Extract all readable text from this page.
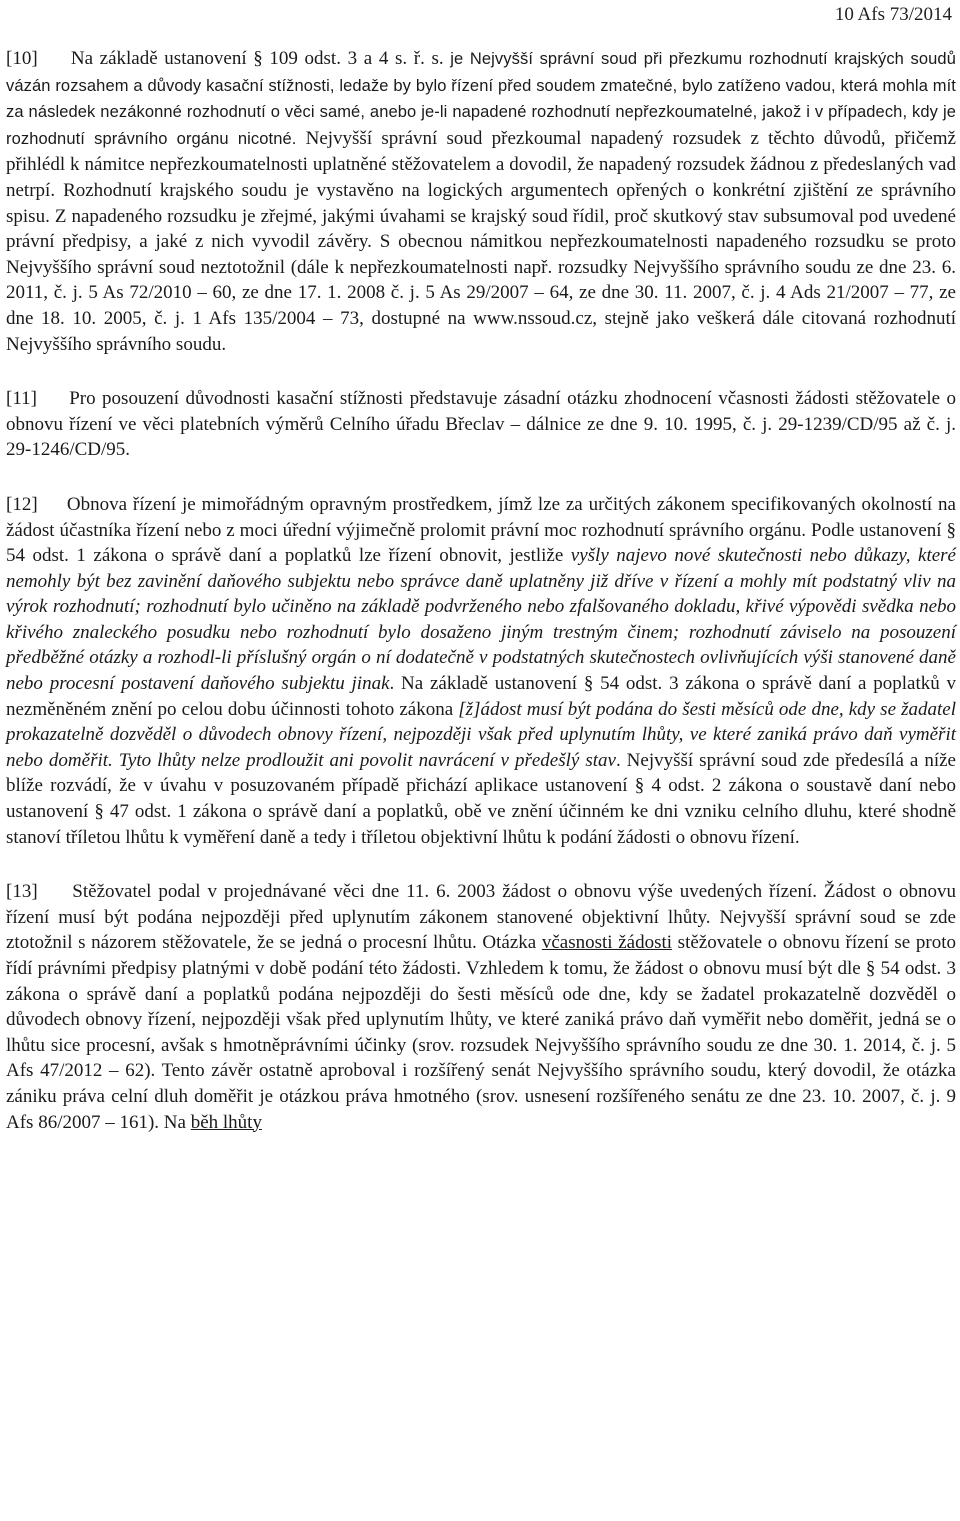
10 Afs 73/2014

[10] Na základě ustanovení § 109 odst. 3 a 4 s. ř. s. je Nejvyšší správní soud při přezkumu rozhodnutí krajských soudů vázán rozsahem a důvody kasační stížnosti, ledaže by bylo řízení před soudem zmatečné, bylo zatíženo vadou, která mohla mít za následek nezákonné rozhodnutí o věci samé, anebo je-li napadené rozhodnutí nepřezkoumatelné, jakož i v případech, kdy je rozhodnutí správního orgánu nicotné. Nejvyšší správní soud přezkoumal napadený rozsudek z těchto důvodů, přičemž přihlédl k námitce nepřezkoumatelnosti uplatněné stěžovatelem a dovodil, že napadený rozsudek žádnou z předeslaných vad netrpí. Rozhodnutí krajského soudu je vystavěno na logických argumentech opřených o konkrétní zjištění ze správního spisu. Z napadeného rozsudku je zřejmé, jakými úvahami se krajský soud řídil, proč skutkový stav subsumoval pod uvedené právní předpisy, a jaké z nich vyvodil závěry. S obecnou námitkou nepřezkoumatelnosti napadeného rozsudku se proto Nejvyššího správní soud neztotožnil (dále k nepřezkoumatelnosti např. rozsudky Nejvyššího správního soudu ze dne 23. 6. 2011, č. j. 5 As 72/2010 – 60, ze dne 17. 1. 2008 č. j. 5 As 29/2007 – 64, ze dne 30. 11. 2007, č. j. 4 Ads 21/2007 – 77, ze dne 18. 10. 2005, č. j. 1 Afs 135/2004 – 73, dostupné na www.nssoud.cz, stejně jako veškerá dále citovaná rozhodnutí Nejvyššího správního soudu.

[11] Pro posouzení důvodnosti kasační stížnosti představuje zásadní otázku zhodnocení včasnosti žádosti stěžovatele o obnovu řízení ve věci platebních výměrů Celního úřadu Břeclav – dálnice ze dne 9. 10. 1995, č. j. 29-1239/CD/95 až č. j. 29-1246/CD/95.

[12] Obnova řízení je mimořádným opravným prostředkem, jímž lze za určitých zákonem specifikovaných okolností na žádost účastníka řízení nebo z moci úřední výjimečně prolomit právní moc rozhodnutí správního orgánu. Podle ustanovení § 54 odst. 1 zákona o správě daní a poplatků lze řízení obnovit, jestliže vyšly najevo nové skutečnosti nebo důkazy, které nemohly být bez zavinění daňového subjektu nebo správce daně uplatněny již dříve v řízení a mohly mít podstatný vliv na výrok rozhodnutí; rozhodnutí bylo učiněno na základě podvrženého nebo zfalšovaného dokladu, křivé výpovědi svědka nebo křivého znaleckého posudku nebo rozhodnutí bylo dosaženo jiným trestným činem; rozhodnutí záviselo na posouzení předběžné otázky a rozhodl-li příslušný orgán o ní dodatečně v podstatných skutečnostech ovlivňujících výši stanovené daně nebo procesní postavení daňového subjektu jinak. Na základě ustanovení § 54 odst. 3 zákona o správě daní a poplatků v nezměněném znění po celou dobu účinnosti tohoto zákona [ž]ádost musí být podána do šesti měsíců ode dne, kdy se žadatel prokazatelně dozvěděl o důvodech obnovy řízení, nejpozději však před uplynutím lhůty, ve které zaniká právo daň vyměřit nebo doměřit. Tyto lhůty nelze prodloužit ani povolit navrácení v předešlý stav. Nejvyšší správní soud zde předesílá a níže blíže rozvádí, že v úvahu v posuzovaném případě přichází aplikace ustanovení § 4 odst. 2 zákona o soustavě daní nebo ustanovení § 47 odst. 1 zákona o správě daní a poplatků, obě ve znění účinném ke dni vzniku celního dluhu, které shodně stanoví tříletou lhůtu k vyměření daně a tedy i tříletou objektivní lhůtu k podání žádosti o obnovu řízení.

[13] Stěžovatel podal v projednávané věci dne 11. 6. 2003 žádost o obnovu výše uvedených řízení. Žádost o obnovu řízení musí být podána nejpozději před uplynutím zákonem stanovené objektivní lhůty. Nejvyšší správní soud se zde ztotožnil s názorem stěžovatele, že se jedná o procesní lhůtu. Otázka včasnosti žádosti stěžovatele o obnovu řízení se proto řídí právními předpisy platnými v době podání této žádosti. Vzhledem k tomu, že žádost o obnovu musí být dle § 54 odst. 3 zákona o správě daní a poplatků podána nejpozději do šesti měsíců ode dne, kdy se žadatel prokazatelně dozvěděl o důvodech obnovy řízení, nejpozději však před uplynutím lhůty, ve které zaniká právo daň vyměřit nebo doměřit, jedná se o lhůtu sice procesní, avšak s hmotněprávními účinky (srov. rozsudek Nejvyššího správního soudu ze dne 30. 1. 2014, č. j. 5 Afs 47/2012 – 62). Tento závěr ostatně aproboval i rozšířený senát Nejvyššího správního soudu, který dovodil, že otázka zániku práva celní dluh doměřit je otázkou práva hmotného (srov. usnesení rozšířeného senátu ze dne 23. 10. 2007, č. j. 9 Afs 86/2007 – 161). Na běh lhůty
